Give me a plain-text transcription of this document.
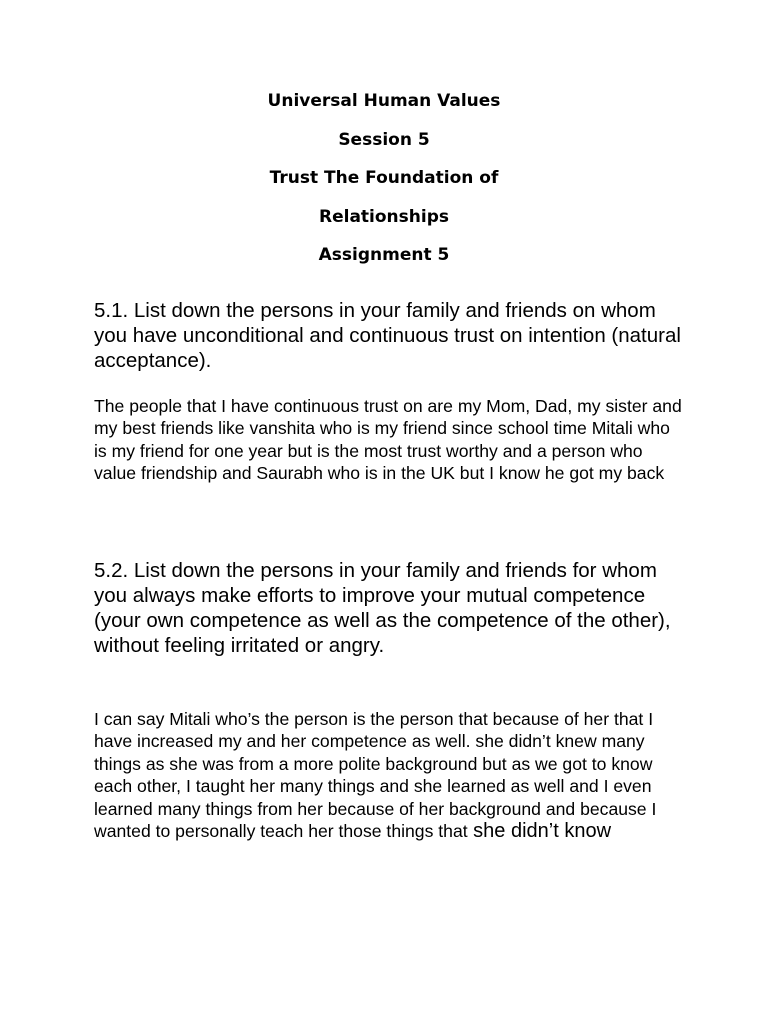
Universal Human Values
Session 5
Trust The Foundation of
Relationships
Assignment 5

5.1. List down the persons in your family and friends on whom you have unconditional and continuous trust on intention (natural acceptance).

The people that I have continuous trust on are my Mom, Dad, my sister and my best friends like vanshita who is my friend since school time Mitali who is my friend for one year but is the most trust worthy and a person who value friendship and Saurabh who is in the UK but I know he got my back

5.2. List down the persons in your family and friends for whom you always make efforts to improve your mutual competence (your own competence as well as the competence of the other), without feeling irritated or angry.

I can say Mitali who’s the person is the person that because of her that I have increased my and her competence as well. she didn’t knew many things as she was from a more polite background but as we got to know each other, I taught her many things and she learned as well and I even learned many things from her because of her background and because I wanted to personally teach her those things that she didn’t know
